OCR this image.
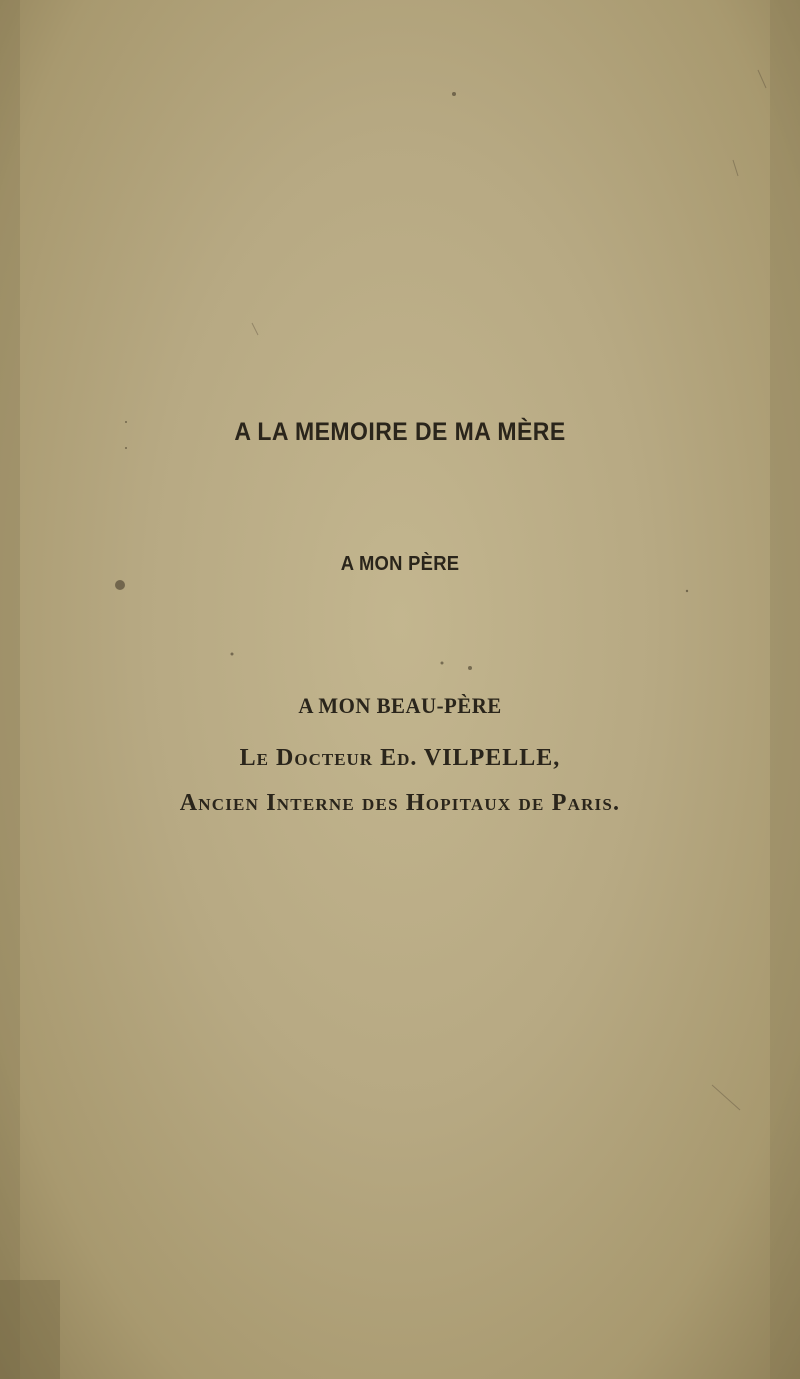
A LA MEMOIRE DE MA MÈRE

A MON PÈRE

A MON BEAU-PÈRE

Le Docteur Ed. VILPELLE,

Ancien Interne des Hopitaux de Paris.
